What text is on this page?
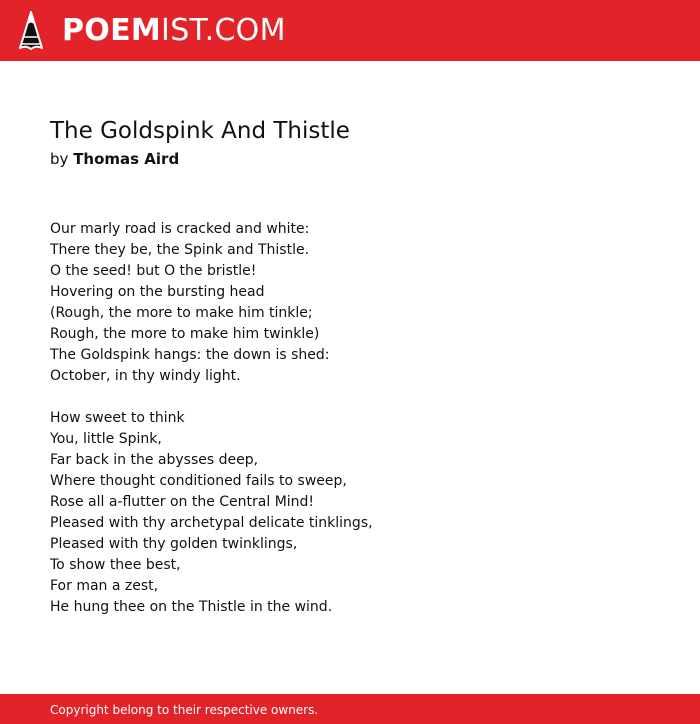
POEMIST.COM
The Goldspink And Thistle
by Thomas Aird
Our marly road is cracked and white:
There they be, the Spink and Thistle.
O the seed! but O the bristle!
Hovering on the bursting head
(Rough, the more to make him tinkle;
Rough, the more to make him twinkle)
The Goldspink hangs: the down is shed:
October, in thy windy light.
How sweet to think
You, little Spink,
Far back in the abysses deep,
Where thought conditioned fails to sweep,
Rose all a-flutter on the Central Mind!
Pleased with thy archetypal delicate tinklings,
Pleased with thy golden twinklings,
To show thee best,
For man a zest,
He hung thee on the Thistle in the wind.
Copyright belong to their respective owners.
